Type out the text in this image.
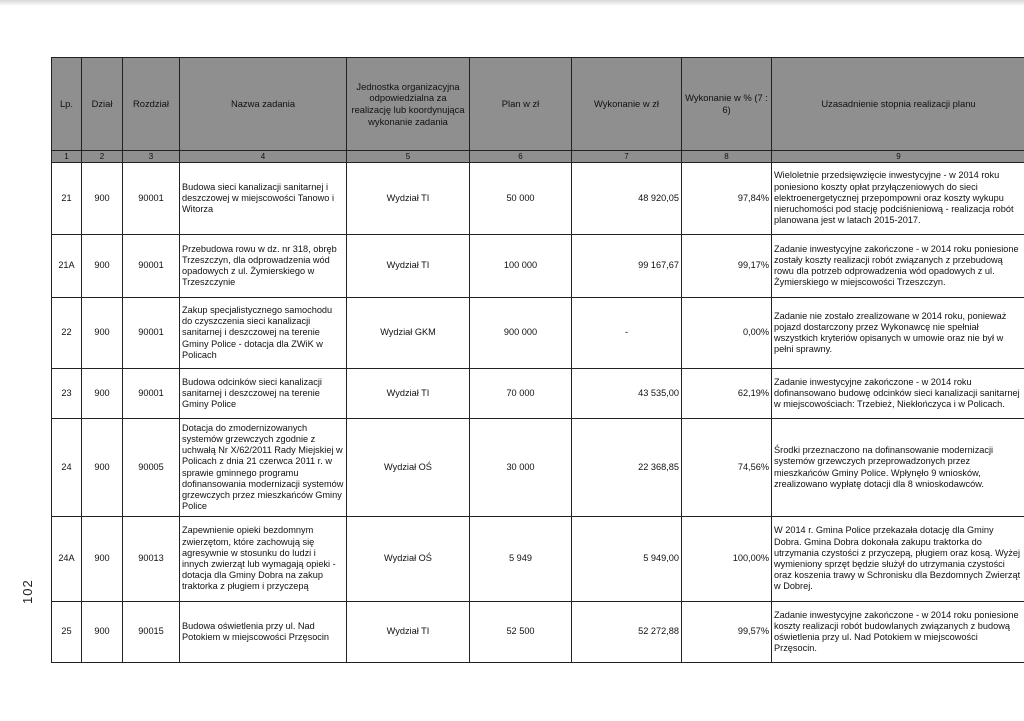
Lp.	Dział	Rozdział	Nazwa zadania	Jednostka organizacyjna odpowiedzialna za realizację lub koordynująca wykonanie zadania	Plan w zł	Wykonanie w zł	Wykonanie w % (7 : 6)	Uzasadnienie stopnia realizacji planu
1	2	3	4	5	6	7	8	9
21	900	90001	Budowa sieci kanalizacji sanitarnej i deszczowej w miejscowości Tanowo i Witorza	Wydział TI	50 000	48 920,05	97,84%	Wieloletnie przedsięwzięcie inwestycyjne - w 2014 roku poniesiono koszty opłat przyłączeniowych do sieci elektroenergetycznej przepompowni oraz koszty wykupu nieruchomości pod stację podciśnieniową - realizacja robót planowana jest w latach 2015-2017.
21A	900	90001	Przebudowa rowu w dz. nr 318, obręb Trzeszczyn, dla odprowadzenia wód opadowych z ul. Żymierskiego w Trzeszczynie	Wydział TI	100 000	99 167,67	99,17%	Zadanie inwestycyjne zakończone - w 2014 roku poniesione zostały koszty realizacji robót związanych z przebudową rowu dla potrzeb odprowadzenia wód opadowych z ul. Żymierskiego w miejscowości Trzeszczyn.
22	900	90001	Zakup specjalistycznego samochodu do czyszczenia sieci kanalizacji sanitarnej i deszczowej na terenie Gminy Police - dotacja dla ZWiK w Policach	Wydział GKM	900 000	-	0,00%	Zadanie nie zostało zrealizowane w 2014 roku, ponieważ pojazd dostarczony przez Wykonawcę nie spełniał wszystkich kryteriów opisanych w umowie oraz nie był w pełni sprawny.
23	900	90001	Budowa odcinków sieci kanalizacji sanitarnej i deszczowej na terenie Gminy Police	Wydział TI	70 000	43 535,00	62,19%	Zadanie inwestycyjne zakończone - w 2014 roku dofinansowano budowę odcinków sieci kanalizacji sanitarnej w miejscowościach: Trzebież, Niekłończyca i w Policach.
24	900	90005	Dotacja do zmodernizowanych systemów grzewczych zgodnie z uchwałą Nr X/62/2011 Rady Miejskiej w Policach z dnia 21 czerwca 2011 r. w sprawie gminnego programu dofinansowania modernizacji systemów grzewczych przez mieszkańców Gminy Police	Wydział OŚ	30 000	22 368,85	74,56%	Środki przeznaczono na dofinansowanie modernizacji systemów grzewczych przeprowadzonych przez mieszkańców Gminy Police. Wpłynęło 9 wniosków, zrealizowano wypłatę dotacji dla 8 wnioskodawców.
24A	900	90013	Zapewnienie opieki bezdomnym zwierzętom, które zachowują się agresywnie w stosunku do ludzi i innych zwierząt lub wymagają opieki - dotacja dla Gminy Dobra na zakup traktorka z pługiem i przyczepą	Wydział OŚ	5 949	5 949,00	100,00%	W 2014 r. Gmina Police przekazała dotację dla Gminy Dobra. Gmina Dobra dokonała zakupu traktorka do utrzymania czystości z przyczepą, pługiem oraz kosą. Wyżej wymieniony sprzęt będzie służył do utrzymania czystości oraz koszenia trawy w Schronisku dla Bezdomnych Zwierząt w Dobrej.
25	900	90015	Budowa oświetlenia przy ul. Nad Potokiem w miejscowości Przęsocin	Wydział TI	52 500	52 272,88	99,57%	Zadanie inwestycyjne zakończone - w 2014 roku poniesione koszty realizacji robót budowlanych związanych z budową oświetlenia przy ul. Nad Potokiem w miejscowości Przęsocin.
102
